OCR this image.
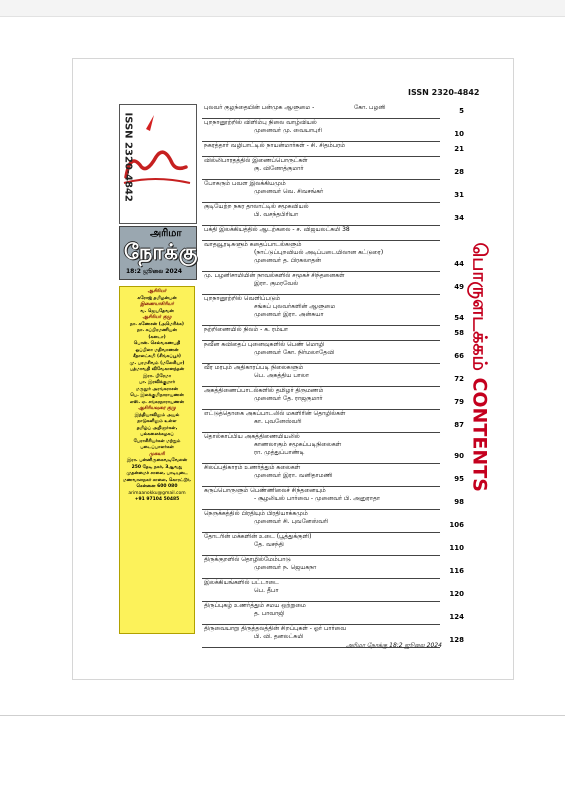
ISSN 2320-4842
ISSN 2320-4842
அரிமா
நோக்கு
18:2 ஜூலை 2024
ஆசிரியர்
சுரோஜ் தமிழன்பன்
இணையாசிரியர்
வ. ஜெயதேவன்
ஆசிரியர் குழு
நா. கணேசன் (அமெரிக்க)
நா. சுப்பிரமணியன்
(கனடா)
பொன். செல்வகணபதி
ஒப்பிலா மதிவாணன்
சீதாலட்சுமி (சிங்கப்பூர்)
மு. பரமசிவம் (மலேசியா)
பத்மாவதி விவேகானந்தன்
இரா. பிரேமா
பா. இரவிக்குமார்
மருதூர் அரங்கராசன்
பெ. இலக்குமிநாராயணன்
எஸ். ஏ. சங்கரநாராயணன்
ஆசிரியவுரை குழு
இந்தியாவிலும் அயல்
நாடுகளிலும் உள்ள
தமிழ்ப் அறிஞர்கள்,
பல்கலைக்கழகப்
பேராசிரியர்கள் மற்றும்
படைப்பாளர்கள்
முகவரி
இரா. பன்னிருகைவடிவேலன்
250 தேடி நகர், 3ஆவது
முதன்மைச் சாலை, பாடியுடை
மணவாளநகர் சாலை, கொரட்டூர்,
சென்னை 600 080
arimaanokku@gmail.com
+91 97104 50485
புலவர் குழந்தையின் பன்முக ஆளுமை -	கோ. பழனி	5
புறநானூற்றில் விளிம்பு நிலை வாழ்வியல்
முனைவர் மு. வையாபுரி	10
நகரத்தார் வழிபாட்டில் நாயன்மார்கள் - சி. சிதம்பரம்	21
வில்லிபாரதத்தில் இணைப்பொருட்கள்
கு. வினோத்குமார்	28
போகரும் பவள இலக்கியமும்
முனைவர் வெ. சிவசங்கர்	31
குடியேற்ற நகர தாலாட்டில் சமூகவியல்
பி. வசந்தபிரியா	34
பக்தி இலக்கியத்தில் ஆடற்கலை - ச. விஜயலட்சுமி 38
வாதவூரடிகளும் கதைப்பாடல்களும்
(நாட்டுப்புறவியல் அடிப்படையிலான கட்டுரை)
முனைவர் த. பிரகலாதன்	44
மு. பழனிசாமியின் நாவல்களில் சமூகச் சிந்தனைகள்
இரா. குமரவேல்	49
புறநானூற்றில் வெளிப்படும்
சங்கப் புலவர்களின் ஆளுமை
முனைவர் இரா. அன்சுயா	54
நற்றிணையில் நிலம் - க. ரம்யா	58
நவீன கவிதைப் புனைவுகளில் பெண் மொழி
முனைவர் கோ. நிர்மலாதேவி	66
வீர மரபும் அதிகாரப்படி நிலைகளும்
பெ. அகத்திய பாலா	72
அகத்திணைப்பாடல்களில் தமிழர் திருமணம்
முனைவர் தே. ராஜகுமார்	79
எட்டுத்தொகை அகப்பாடலில் மகளிரின் தொழில்கள்
கா. புவனேஸ்வரி	87
தொல்காப்பிய அகத்திணையியலில்
காணலாகும் சமூகப்படிநிலைகள்
ரா. முத்துப்பாண்டி	90
சிலப்பதிகாரம் உணர்த்தும் கலைகள்
முனைவர் இரா. வனிதாமணி	95
கருப்பொருளும் பெண்ணிலைச் சிந்தனையும்
- சூழலியல் பார்வை - முனைவர் பி. அனுராதா	98
நெருக்கத்தில் பிரதியும் பிரதியாக்கமும்
முனைவர் சி. புவனேஸ்வரி	106
தோடரின் மக்களின் உடை (பூத்துக்குளி)
தே. வசந்தி	110
திருக்குறளில் தொழில்மேம்பாடு
முனைவர் ந. ஜெயகநா	116
இலக்கியங்களில் பட்டாடை
பெ. தீபா	120
திருப்புகழ் உணர்த்தும் சமய ஒற்றுமை
த. பாவாஜி	124
திருவையாறு திருத்தலத்தின் சிறப்புகள் - ஓர் பார்வை
பி. வி. தனலட்சுமி	128
பொருளடக்கம் CONTENTS
அரிமா நோக்கு 18:2 ஜூலை 2024
